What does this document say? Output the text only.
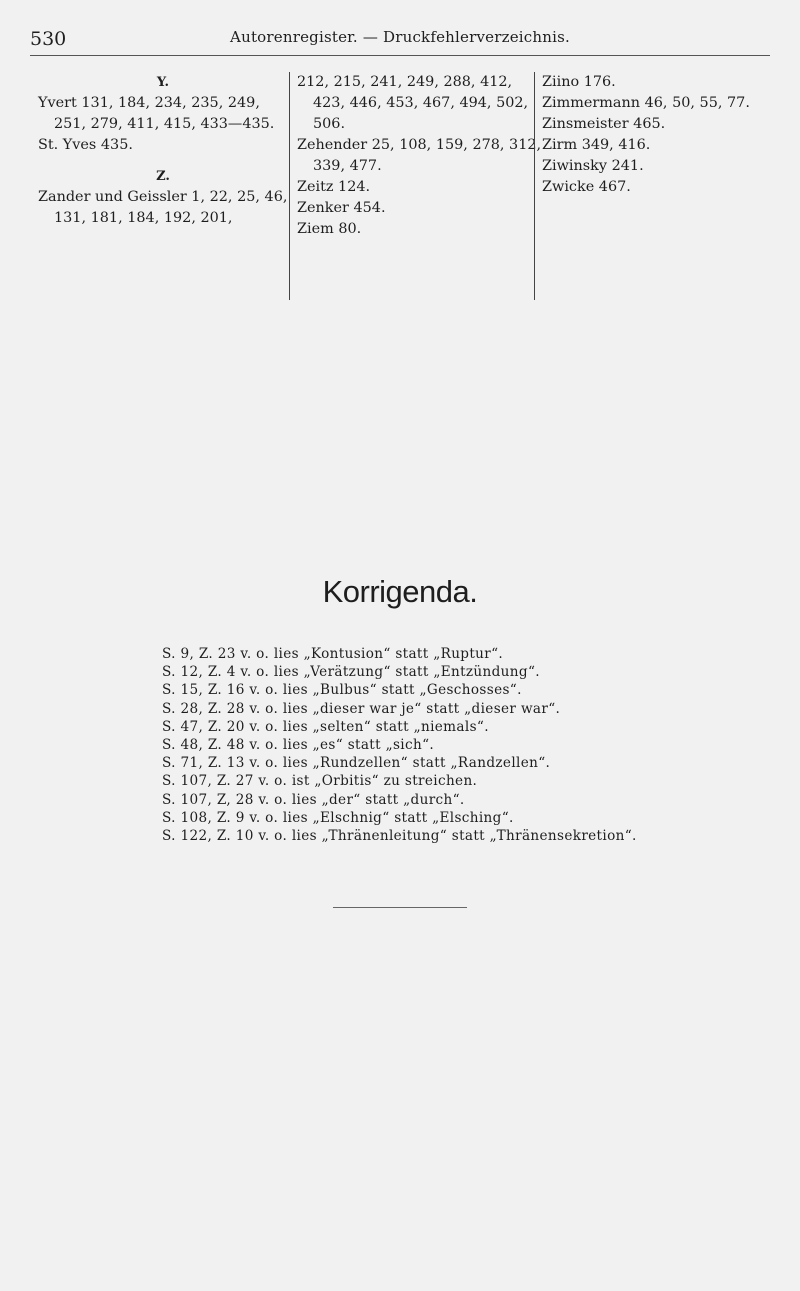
530	Autorenregister. — Druckfehlerverzeichnis.
Y.
Yvert 131, 184, 234, 235, 249, 251, 279, 411, 415, 433—435.
St. Yves 435.
Z.
Zander und Geissler 1, 22, 25, 46, 131, 181, 184, 192, 201,
212, 215, 241, 249, 288, 412, 423, 446, 453, 467, 494, 502, 506.
Zehender 25, 108, 159, 278, 312, 339, 477.
Zeitz 124.
Zenker 454.
Ziem 80.
Ziino 176.
Zimmermann 46, 50, 55, 77.
Zinsmeister 465.
Zirm 349, 416.
Ziwinsky 241.
Zwicke 467.
Korrigenda.
S. 9, Z. 23 v. o. lies „Kontusion“ statt „Ruptur“.
S. 12, Z. 4 v. o. lies „Verätzung“ statt „Entzündung“.
S. 15, Z. 16 v. o. lies „Bulbus“ statt „Geschosses“.
S. 28, Z. 28 v. o. lies „dieser war je“ statt „dieser war“.
S. 47, Z. 20 v. o. lies „selten“ statt „niemals“.
S. 48, Z. 48 v. o. lies „es“ statt „sich“.
S. 71, Z. 13 v. o. lies „Rundzellen“ statt „Randzellen“.
S. 107, Z. 27 v. o. ist „Orbitis“ zu streichen.
S. 107, Z, 28 v. o. lies „der“ statt „durch“.
S. 108, Z. 9 v. o. lies „Elschnig“ statt „Elsching“.
S. 122, Z. 10 v. o. lies „Thränenleitung“ statt „Thränensekretion“.
